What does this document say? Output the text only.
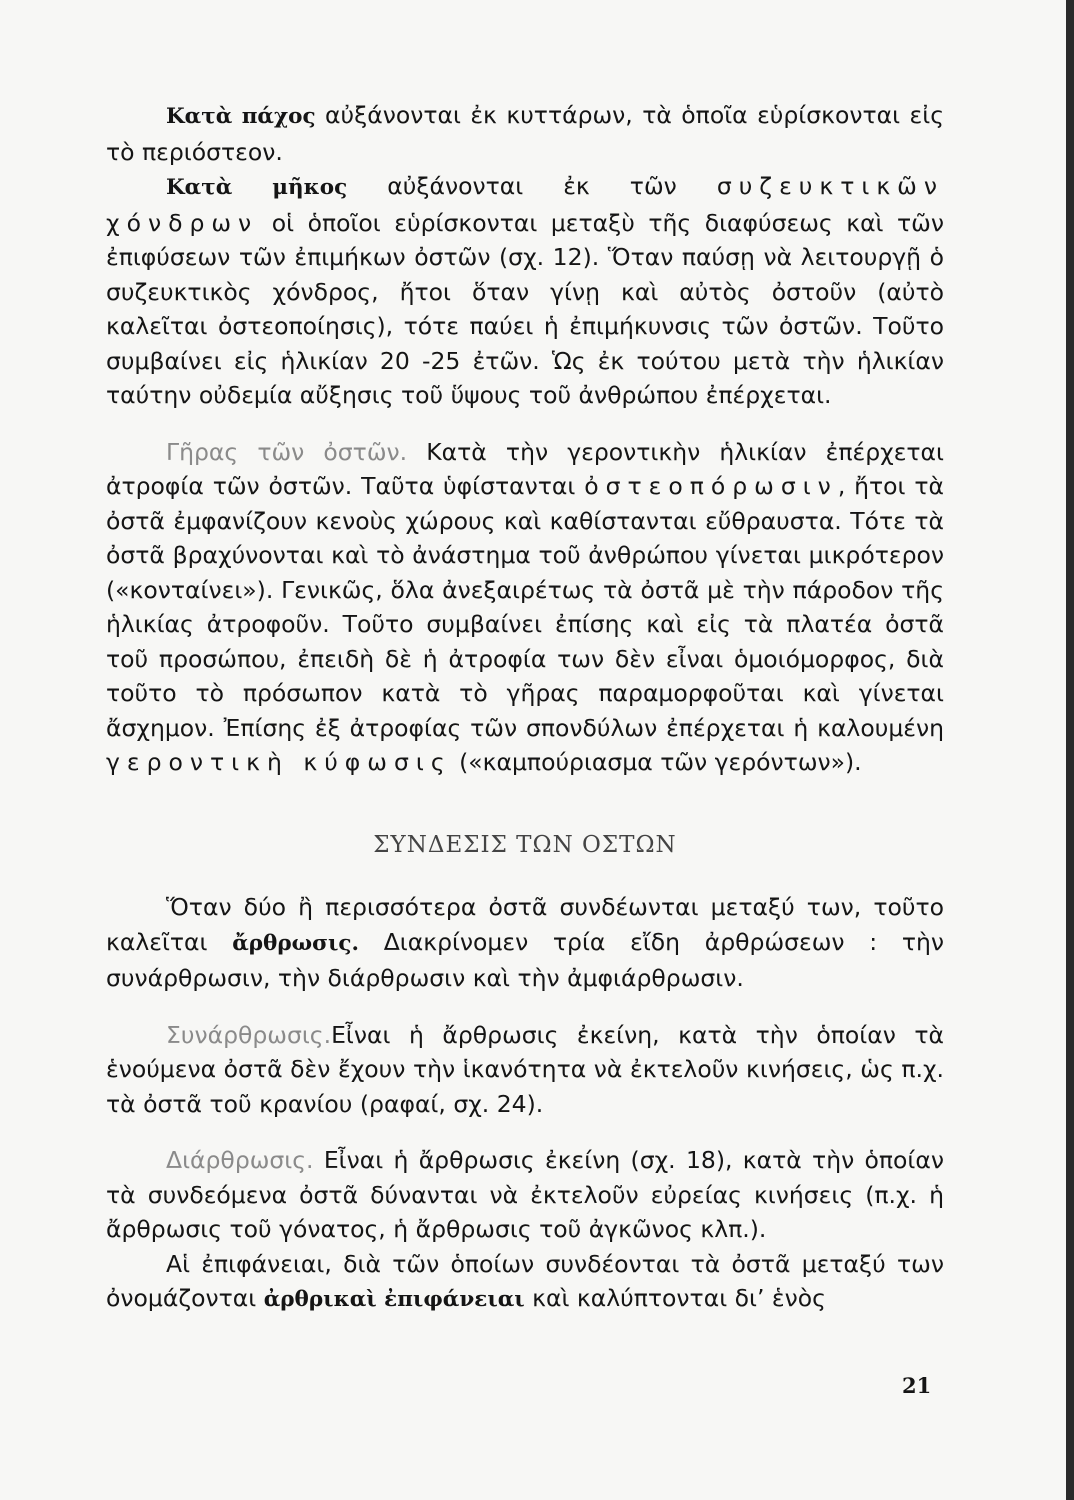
Κατὰ πάχος αὐξάνονται ἐκ κυττάρων, τὰ ὁποῖα εὑρίσκονται εἰς τὸ περιόστεον.

Κατὰ μῆκος αὐξάνονται ἐκ τῶν συζευκτικῶν χόνδρων οἱ ὁποῖοι εὑρίσκονται μεταξὺ τῆς διαφύσεως καὶ τῶν ἐπιφύσεων τῶν ἐπιμήκων ὀστῶν (σχ. 12). Ὅταν παύσῃ νὰ λειτουργῇ ὁ συζευκτικὸς χόνδρος, ἤτοι ὅταν γίνῃ καὶ αὐτὸς ὀστοῦν (αὐτὸ καλεῖται ὀστεοποίησις), τότε παύει ἡ ἐπιμήκυνσις τῶν ὀστῶν. Τοῦτο συμβαίνει εἰς ἡλικίαν 20 -25 ἐτῶν. Ὡς ἐκ τούτου μετὰ τὴν ἡλικίαν ταύτην οὐδεμία αὔξησις τοῦ ὕψους τοῦ ἀνθρώπου ἐπέρχεται.

Γῆρας τῶν ὀστῶν. Κατὰ τὴν γεροντικὴν ἡλικίαν ἐπέρχεται ἀτροφία τῶν ὀστῶν. Ταῦτα ὑφίστανται ὀστεοπόρωσιν, ἤτοι τὰ ὀστᾶ ἐμφανίζουν κενοὺς χώρους καὶ καθίστανται εὔθραυστα. Τότε τὰ ὀστᾶ βραχύνονται καὶ τὸ ἀνάστημα τοῦ ἀνθρώπου γίνεται μικρότερον («κονταίνει»). Γενικῶς, ὅλα ἀνεξαιρέτως τὰ ὀστᾶ μὲ τὴν πάροδον τῆς ἡλικίας ἀτροφοῦν. Τοῦτο συμβαίνει ἐπίσης καὶ εἰς τὰ πλατέα ὀστᾶ τοῦ προσώπου, ἐπειδὴ δὲ ἡ ἀτροφία των δὲν εἶναι ὁμοιόμορφος, διὰ τοῦτο τὸ πρόσωπον κατὰ τὸ γῆρας παραμορφοῦται καὶ γίνεται ἄσχημον. Ἐπίσης ἐξ ἀτροφίας τῶν σπονδύλων ἐπέρχεται ἡ καλουμένη γεροντικὴ κύφωσις («καμπούριασμα τῶν γερόντων»).

ΣΥΝΔΕΣΙΣ ΤΩΝ ΟΣΤΩΝ

Ὅταν δύο ἢ περισσότερα ὀστᾶ συνδέωνται μεταξύ των, τοῦτο καλεῖται ἄρθρωσις. Διακρίνομεν τρία εἴδη ἀρθρώσεων : τὴν συνάρθρωσιν, τὴν διάρθρωσιν καὶ τὴν ἀμφιάρθρωσιν.

Συνάρθρωσις.Εἶναι ἡ ἄρθρωσις ἐκείνη, κατὰ τὴν ὁποίαν τὰ ἑνούμενα ὀστᾶ δὲν ἔχουν τὴν ἱκανότητα νὰ ἐκτελοῦν κινήσεις, ὡς π.χ. τὰ ὀστᾶ τοῦ κρανίου (ραφαί, σχ. 24).

Διάρθρωσις. Εἶναι ἡ ἄρθρωσις ἐκείνη (σχ. 18), κατὰ τὴν ὁποίαν τὰ συνδεόμενα ὀστᾶ δύνανται νὰ ἐκτελοῦν εὐρείας κινήσεις (π.χ. ἡ ἄρθρωσις τοῦ γόνατος, ἡ ἄρθρωσις τοῦ ἀγκῶνος κλπ.).

Αἱ ἐπιφάνειαι, διὰ τῶν ὁποίων συνδέονται τὰ ὀστᾶ μεταξύ των ὀνομάζονται ἀρθρικαὶ ἐπιφάνειαι καὶ καλύπτονται δι’ ἑνὸς

21
